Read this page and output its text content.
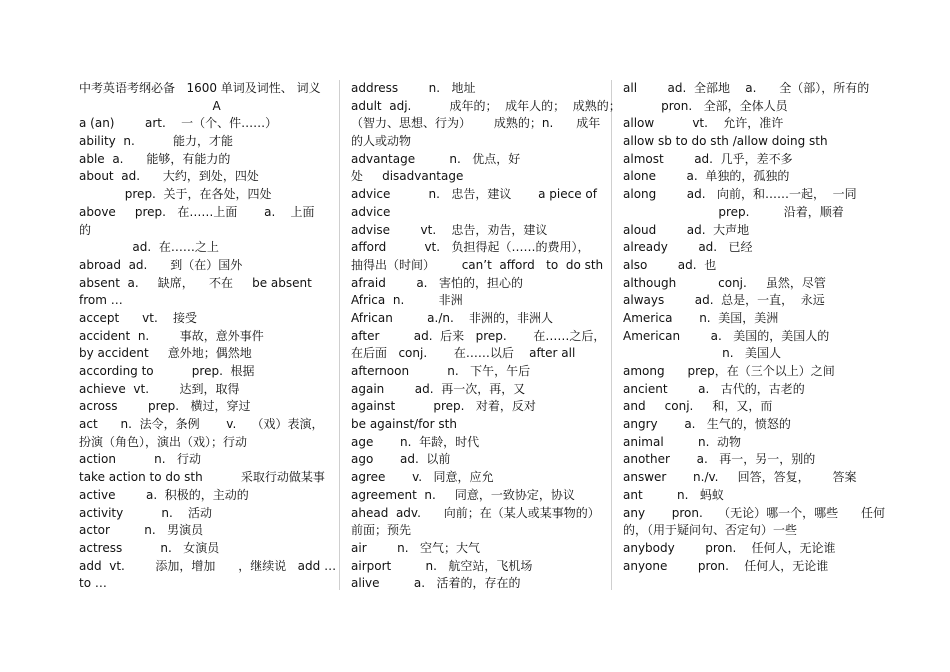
中考英语考纲必备   1600 单词及词性、 词义
A
a (an)        art.    一（个、件……）
ability  n.          能力，才能
able  a.      能够，有能力的
about  ad.      大约，到处，四处
prep.  关于，在各处，四处
above     prep.   在……上面       a.    上面
的
ad.  在……之上
abroad  ad.      到（在）国外
absent  a.     缺席，    不在     be absent
from …
accept      vt.    接受
accident  n.        事故，意外事件
by accident     意外地；偶然地
according to          prep.  根据
achieve  vt.        达到，取得
across        prep.   横过，穿过
act      n.  法令，条例       v.    （戏）表演，
扮演（角色），演出（戏）；行动
action          n.   行动
take action to do sth          采取行动做某事
active        a.  积极的，主动的
activity          n.    活动
actor         n.   男演员
actress          n.   女演员
add  vt.        添加，增加      ，继续说   add …
to …
address        n.   地址
adult  adj.          成年的；  成年人的；  成熟的；
（智力、思想、行为）      成熟的；n.      成年
的人或动物
advantage         n.   优点，好
处     disadvantage
advice          n.   忠告，建议       a piece of
advice
advise        vt.    忠告，劝告，建议
afford          vt.   负担得起（……的费用），
抽得出（时间）       can’t  afford   to  do sth
afraid        a.   害怕的，担心的
Africa  n.         非洲
African         a./n.    非洲的，非洲人
after         ad.  后来   prep.       在……之后，
在后面   conj.       在……以后    after all
afternoon          n.   下午，午后
again        ad.  再一次，再，又
against          prep.   对着，反对
be against/for sth
age       n.  年龄，时代
ago       ad.  以前
agree       v.   同意，应允
agreement  n.     同意，一致协定，协议
ahead  adv.      向前；在（某人或某事物的）
前面；预先
air        n.   空气；大气
airport         n.   航空站，飞机场
alive         a.   活着的，存在的
all        ad.  全部地    a.      全（部），所有的
pron.   全部，全体人员
allow          vt.    允许，准许
allow sb to do sth /allow doing sth
almost        ad.  几乎，差不多
alone        a.  单独的，孤独的
along        ad.   向前，和……一起，  一同
prep.         沿着，顺着
aloud        ad.  大声地
already        ad.   已经
also        ad.  也
although           conj.     虽然，尽管
always        ad.  总是，一直，  永远
America       n.  美国，美洲
American        a.   美国的，美国人的
n.   美国人
among      prep，在（三个以上）之间
ancient        a.   古代的，古老的
and     conj.     和，又，而
angry       a.   生气的，愤怒的
animal         n.  动物
another       a.   再一，另一，别的
answer       n./v.     回答，答复，      答案
ant         n.   蚂蚁
any       pron.    （无论）哪一个，哪些      任何
的，（用于疑问句、否定句）一些
anybody        pron.    任何人，无论谁
anyone        pron.    任何人，无论谁
